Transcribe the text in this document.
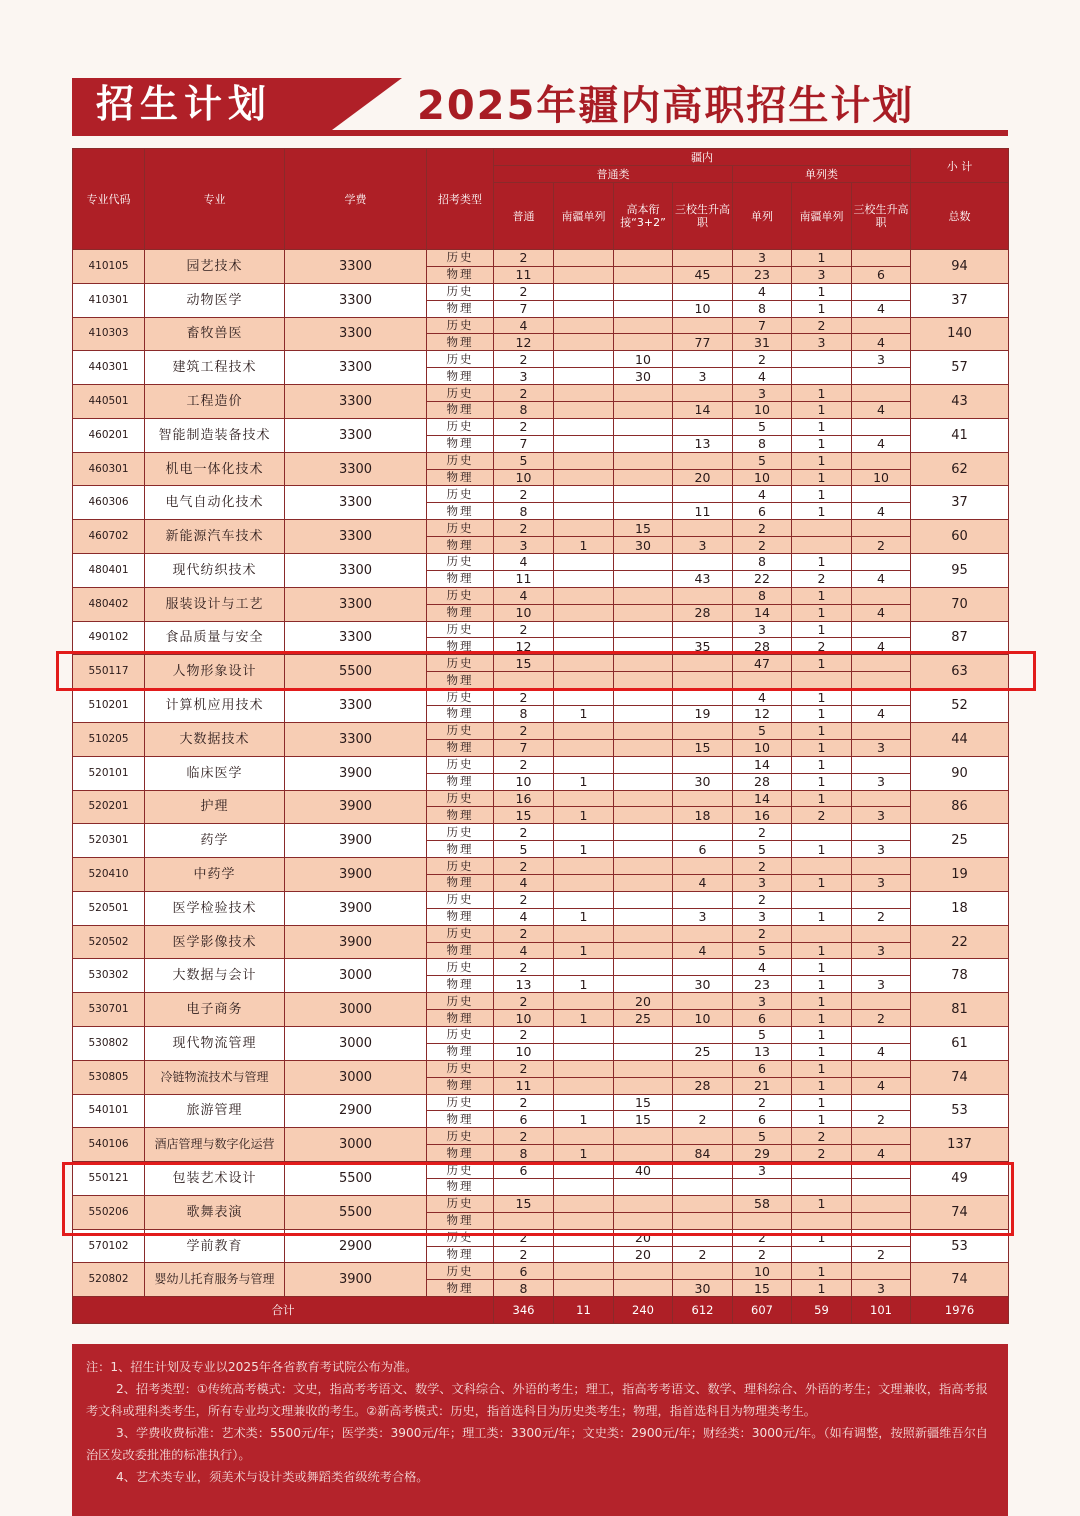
招生计划	2025年疆内高职招生计划
专业代码	专业	学费	招考类型	疆内							小 计
				普通类				单列类			
				普通	南疆单列	高本衔接“3+2”	三校生升高职	单列	南疆单列	三校生升高职	总数
410105	园艺技术	3300	历史	2				3	1		94
			物理	11			45	23	3	6	
410301	动物医学	3300	历史	2				4	1		37
			物理	7			10	8	1	4	
410303	畜牧兽医	3300	历史	4				7	2		140
			物理	12			77	31	3	4	
440301	建筑工程技术	3300	历史	2		10		2		3	57
			物理	3		30	3	4			
440501	工程造价	3300	历史	2				3	1		43
			物理	8			14	10	1	4	
460201	智能制造装备技术	3300	历史	2				5	1		41
			物理	7			13	8	1	4	
460301	机电一体化技术	3300	历史	5				5	1		62
			物理	10			20	10	1	10	
460306	电气自动化技术	3300	历史	2				4	1		37
			物理	8			11	6	1	4	
460702	新能源汽车技术	3300	历史	2		15		2			60
			物理	3	1	30	3	2		2	
480401	现代纺织技术	3300	历史	4				8	1		95
			物理	11			43	22	2	4	
480402	服装设计与工艺	3300	历史	4				8	1		70
			物理	10			28	14	1	4	
490102	食品质量与安全	3300	历史	2				3	1		87
			物理	12			35	28	2	4	
550117	人物形象设计	5500	历史	15				47	1		63
			物理								
510201	计算机应用技术	3300	历史	2				4	1		52
			物理	8	1		19	12	1	4	
510205	大数据技术	3300	历史	2				5	1		44
			物理	7			15	10	1	3	
520101	临床医学	3900	历史	2				14	1		90
			物理	10	1		30	28	1	3	
520201	护理	3900	历史	16				14	1		86
			物理	15	1		18	16	2	3	
520301	药学	3900	历史	2				2			25
			物理	5	1		6	5	1	3	
520410	中药学	3900	历史	2				2			19
			物理	4			4	3	1	3	
520501	医学检验技术	3900	历史	2				2			18
			物理	4	1		3	3	1	2	
520502	医学影像技术	3900	历史	2				2			22
			物理	4	1		4	5	1	3	
530302	大数据与会计	3000	历史	2				4	1		78
			物理	13	1		30	23	1	3	
530701	电子商务	3000	历史	2		20		3	1		81
			物理	10	1	25	10	6	1	2	
530802	现代物流管理	3000	历史	2				5	1		61
			物理	10			25	13	1	4	
530805	冷链物流技术与管理	3000	历史	2				6	1		74
			物理	11			28	21	1	4	
540101	旅游管理	2900	历史	2		15		2	1		53
			物理	6	1	15	2	6	1	2	
540106	酒店管理与数字化运营	3000	历史	2				5	2		137
			物理	8	1		84	29	2	4	
550121	包装艺术设计	5500	历史	6		40		3			49
			物理								
550206	歌舞表演	5500	历史	15				58	1		74
			物理								
570102	学前教育	2900	历史	2		20		2	1		53
			物理	2		20	2	2		2	
520802	婴幼儿托育服务与管理	3900	历史	6				10	1		74
			物理	8			30	15	1	3	
合计				346	11	240	612	607	59	101	1976

注：1、招生计划及专业以2025年各省教育考试院公布为准。

2、招考类型：①传统高考模式：文史，指高考考语文、数学、文科综合、外语的考生；理工，指高考考语文、数学、理科综合、外语的考生；文理兼收，指高考报考文科或理科类考生，所有专业均文理兼收的考生。②新高考模式：历史，指首选科目为历史类考生；物理，指首选科目为物理类考生。

3、学费收费标准：艺术类：5500元/年；医学类：3900元/年；理工类：3300元/年；文史类：2900元/年；财经类：3000元/年。（如有调整，按照新疆维吾尔自治区发改委批准的标准执行）。

4、艺术类专业，须美术与设计类或舞蹈类省级统考合格。
